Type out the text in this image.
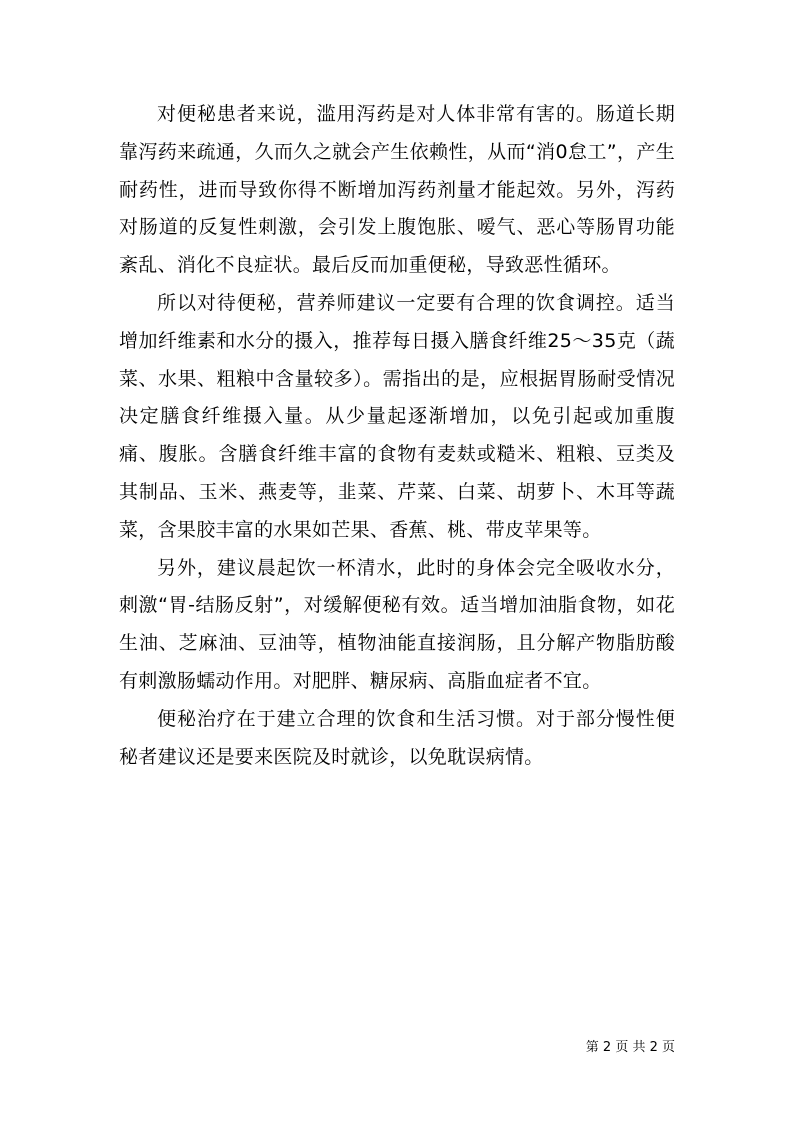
对便秘患者来说，滥用泻药是对人体非常有害的。肠道长期靠泻药来疏通，久而久之就会产生依赖性，从而“消0怠工”，产生耐药性，进而导致你得不断增加泻药剂量才能起效。另外，泻药对肠道的反复性刺激，会引发上腹饱胀、嗳气、恶心等肠胃功能紊乱、消化不良症状。最后反而加重便秘，导致恶性循环。

所以对待便秘，营养师建议一定要有合理的饮食调控。适当增加纤维素和水分的摄入，推荐每日摄入膳食纤维25～35克（蔬菜、水果、粗粮中含量较多）。需指出的是，应根据胃肠耐受情况决定膳食纤维摄入量。从少量起逐渐增加，以免引起或加重腹痛、腹胀。含膳食纤维丰富的食物有麦麸或糙米、粗粮、豆类及其制品、玉米、燕麦等，韭菜、芹菜、白菜、胡萝卜、木耳等蔬菜，含果胶丰富的水果如芒果、香蕉、桃、带皮苹果等。

另外，建议晨起饮一杯清水，此时的身体会完全吸收水分，刺激“胃-结肠反射”，对缓解便秘有效。适当增加油脂食物，如花生油、芝麻油、豆油等，植物油能直接润肠，且分解产物脂肪酸有刺激肠蠕动作用。对肥胖、糖尿病、高脂血症者不宜。

便秘治疗在于建立合理的饮食和生活习惯。对于部分慢性便秘者建议还是要来医院及时就诊，以免耽误病情。

第 2 页 共 2 页
